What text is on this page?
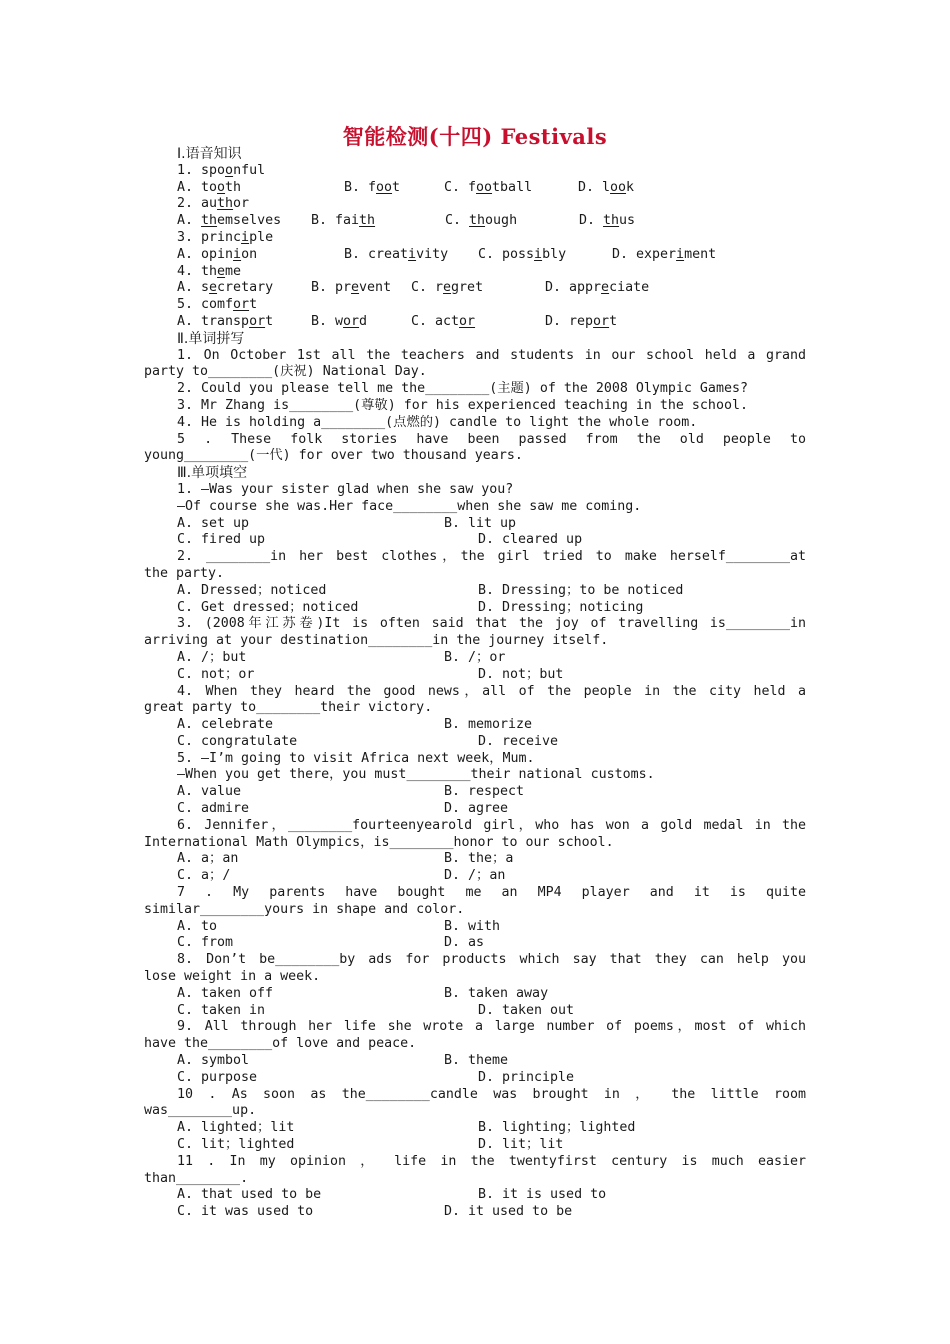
智能检测(十四) Festivals
Ⅰ.语音知识
1. spoonful
A. tooth	B. foot	C. football	D. look
2. author
A. themselves	B. faith	C. though	D. thus
3. principle
A. opinion	B. creativity	C. possibly	D. experiment
4. theme
A. secretary	B. prevent	C. regret	D. appreciate
5. comfort
A. transport	B. word	C. actor	D. report
Ⅱ.单词拼写
1. On October 1st all the teachers and students in our school held a grand
party to________(庆祝) National Day.
2. Could you please tell me the________(主题) of the 2008 Olympic Games?
3. Mr Zhang is________(尊敬) for his experienced teaching in the school.
4. He is holding a________(点燃的) candle to light the whole room.
5 . These folk stories have been passed from the old people to
young________(一代) for over two thousand years.
Ⅲ.单项填空
1. —Was your sister glad when she saw you?
—Of course she was.Her face________when she saw me coming.
A. set up	B. lit up
C. fired up	D. cleared up
2. ________in her best clothes，the girl tried to make herself________at
the party.
A. Dressed；noticed	B. Dressing；to be noticed
C. Get dressed；noticed	D. Dressing；noticing
3. (2008年江苏卷)It is often said that the joy of travelling is________in
arriving at your destination________in the journey itself.
A. /；but	B. /；or
C. not；or	D. not；but
4. When they heard the good news，all of the people in the city held a
great party to________their victory.
A. celebrate	B. memorize
C. congratulate	D. receive
5. —I’m going to visit Africa next week，Mum.
—When you get there，you must________their national customs.
A. value	B. respect
C. admire	D. agree
6. Jennifer，________fourteenyearold girl，who has won a gold medal in the
International Math Olympics，is________honor to our school.
A. a；an	B. the；a
C. a；/	D. /；an
7 . My parents have bought me an MP4 player and it is quite
similar________yours in shape and color.
A. to	B. with
C. from	D. as
8. Don’t be________by ads for products which say that they can help you
lose weight in a week.
A. taken off	B. taken away
C. taken in	D. taken out
9. All through her life she wrote a large number of poems，most of which
have the________of love and peace.
A. symbol	B. theme
C. purpose	D. principle
10 . As soon as the________candle was brought in ， the little room
was________up.
A. lighted；lit	B. lighting；lighted
C. lit；lighted	D. lit；lit
11 . In my opinion ， life in the twentyfirst century is much easier
than________.
A. that used to be	B. it is used to
C. it was used to	D. it used to be
